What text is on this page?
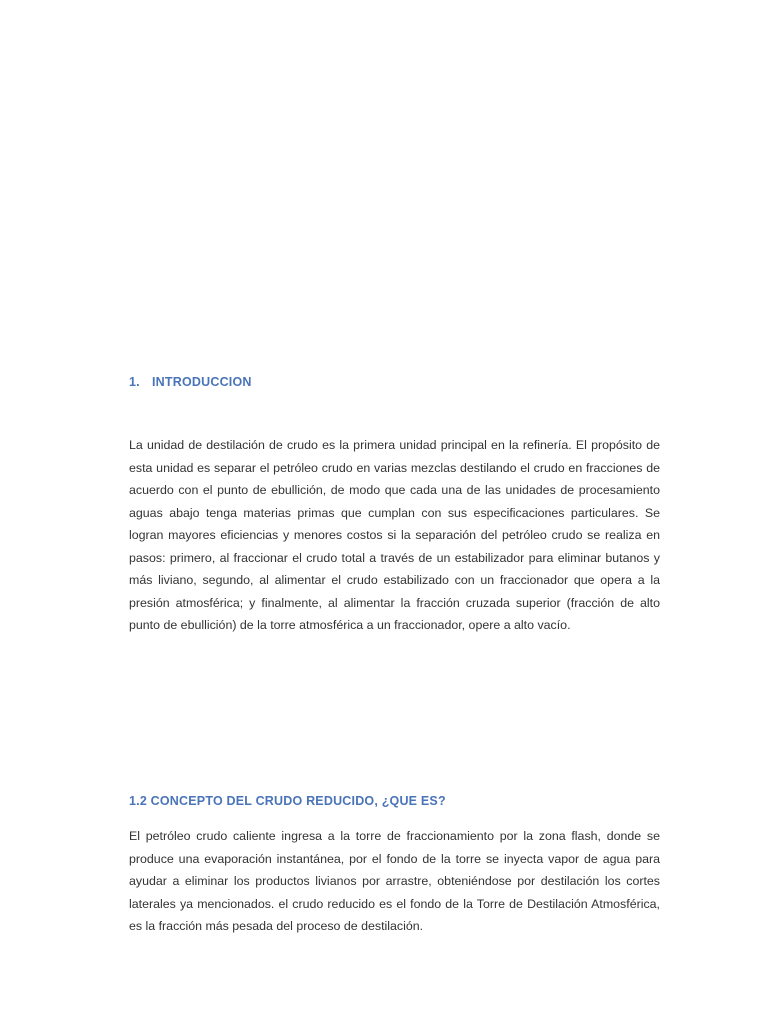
1. INTRODUCCION

La unidad de destilación de crudo es la primera unidad principal en la refinería. El propósito de esta unidad es separar el petróleo crudo en varias mezclas destilando el crudo en fracciones de acuerdo con el punto de ebullición, de modo que cada una de las unidades de procesamiento aguas abajo tenga materias primas que cumplan con sus especificaciones particulares. Se logran mayores eficiencias y menores costos si la separación del petróleo crudo se realiza en pasos: primero, al fraccionar el crudo total a través de un estabilizador para eliminar butanos y más liviano, segundo, al alimentar el crudo estabilizado con un fraccionador que opera a la presión atmosférica; y finalmente, al alimentar la fracción cruzada superior (fracción de alto punto de ebullición) de la torre atmosférica a un fraccionador, opere a alto vacío.

1.2 CONCEPTO DEL CRUDO REDUCIDO, ¿QUE ES?

El petróleo crudo caliente ingresa a la torre de fraccionamiento por la zona flash, donde se produce una evaporación instantánea, por el fondo de la torre se inyecta vapor de agua para ayudar a eliminar los productos livianos por arrastre, obteniéndose por destilación los cortes laterales ya mencionados. el crudo reducido es el fondo de la Torre de Destilación Atmosférica, es la fracción más pesada del proceso de destilación.
